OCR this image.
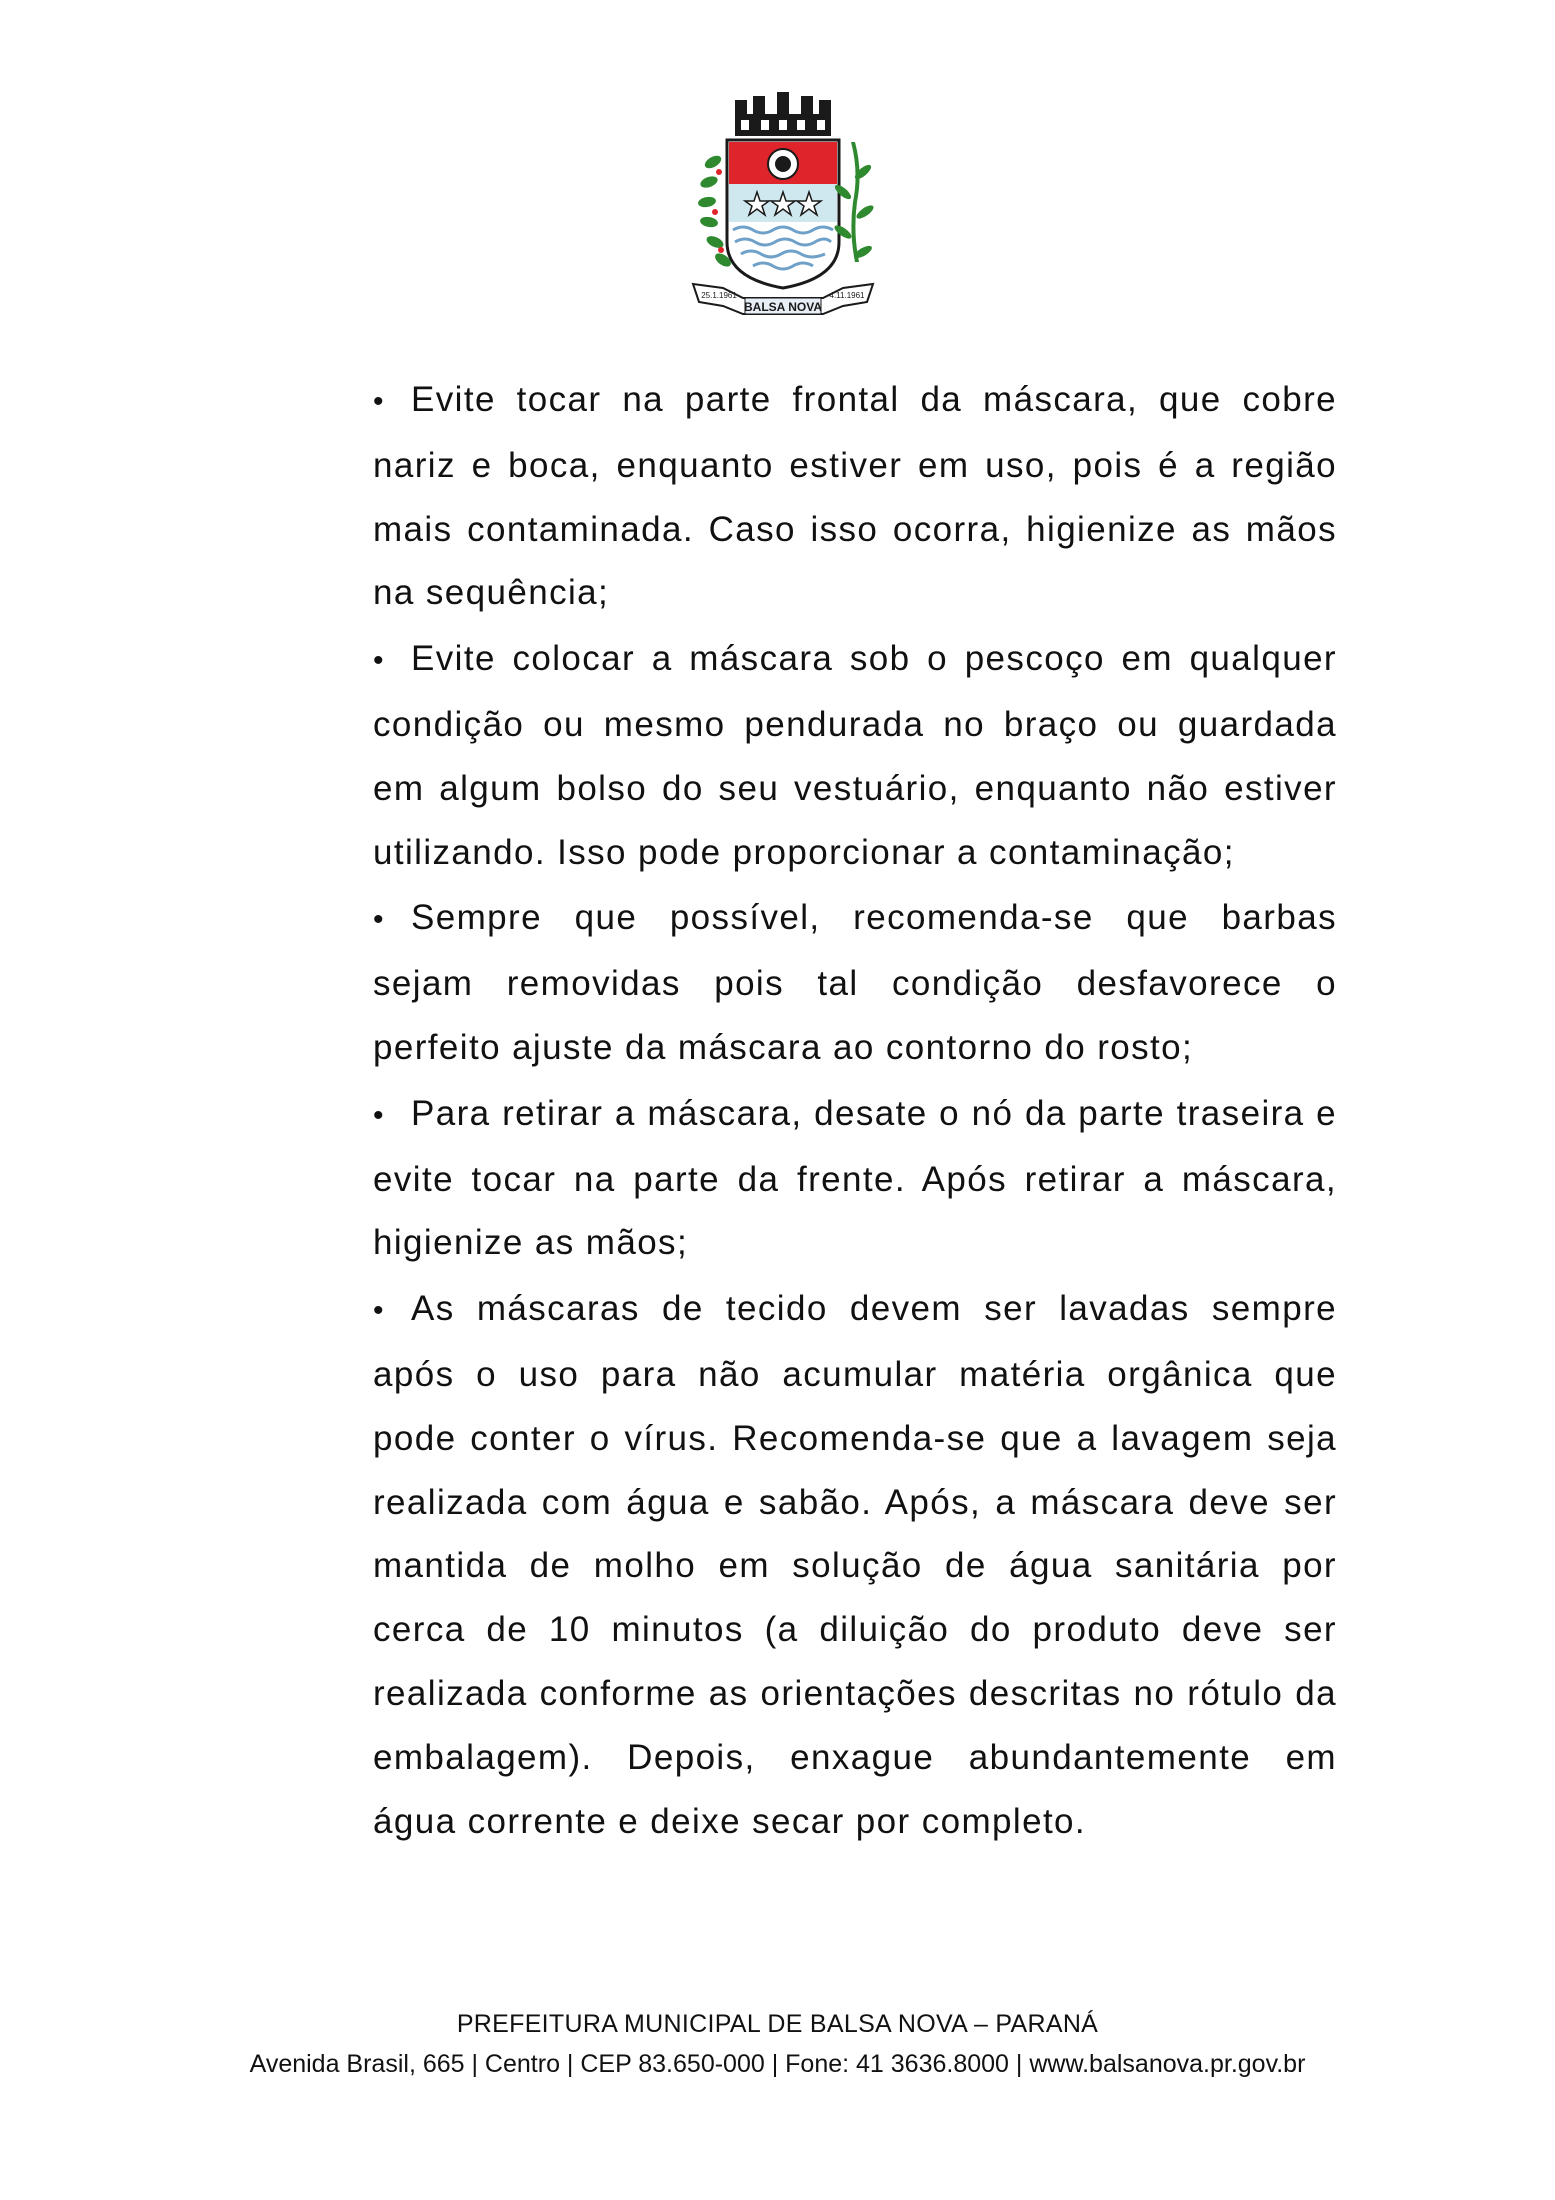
BALSA NOVA
25.1.1961	4.11.1961

• Evite tocar na parte frontal da máscara, que cobre nariz e boca, enquanto estiver em uso, pois é a região mais contaminada. Caso isso ocorra, higienize as mãos na sequência;

• Evite colocar a máscara sob o pescoço em qualquer condição ou mesmo pendurada no braço ou guardada em algum bolso do seu vestuário, enquanto não estiver utilizando. Isso pode proporcionar a contaminação;

• Sempre que possível, recomenda-se que barbas sejam removidas pois tal condição desfavorece o perfeito ajuste da máscara ao contorno do rosto;

• Para retirar a máscara, desate o nó da parte traseira e evite tocar na parte da frente. Após retirar a máscara, higienize as mãos;

• As máscaras de tecido devem ser lavadas sempre após o uso para não acumular matéria orgânica que pode conter o vírus. Recomenda-se que a lavagem seja realizada com água e sabão. Após, a máscara deve ser mantida de molho em solução de água sanitária por cerca de 10 minutos (a diluição do produto deve ser realizada conforme as orientações descritas no rótulo da embalagem). Depois, enxague abundantemente em água corrente e deixe secar por completo.

PREFEITURA MUNICIPAL DE BALSA NOVA – PARANÁ
Avenida Brasil, 665 | Centro | CEP 83.650-000 | Fone: 41 3636.8000 | www.balsanova.pr.gov.br
